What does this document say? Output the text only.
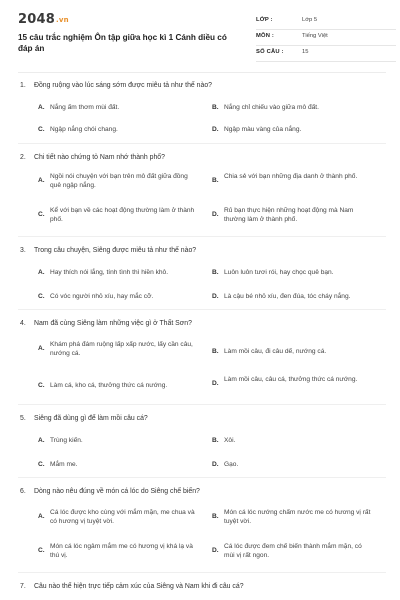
2048.vn
15 câu trắc nghiệm Ôn tập giữa học kì 1 Cánh diều có đáp án
LỚP :	Lớp 5
MÔN :	Tiếng Việt
SỐ CÂU :	15
1. Đồng ruộng vào lúc sáng sớm được miêu tả như thế nào?
A. Nắng ấm thơm mùi đất.	B. Nắng chỉ chiếu vào giữa mô đất.
C. Ngập nắng chói chang.	D. Ngập màu vàng của nắng.
2. Chi tiết nào chứng tỏ Nam nhớ thành phố?
A.
Ngồi nói chuyện với bạn trên mô đất giữa đồng quê ngập nắng.
B.
Chia sẻ với bạn những địa danh ở thành phố.
C.
Kể với bạn về các hoạt động thường làm ở thành phố.
D.
Rủ bạn thực hiện những hoạt động mà Nam thường làm ở thành phố.
3. Trong câu chuyện, Siêng được miêu tả như thế nào?
A. Hay thích nói lắng, tính tình thì hiền khô.	B. Luôn luôn tươi rói, hay chọc quê bạn.
C. Có vóc người nhỏ xíu, hay mắc cỡ.	D. Là cậu bé nhỏ xíu, đen đúa, tóc cháy nắng.
4. Nam đã cùng Siêng làm những việc gì ở Thất Sơn?
A.
Khám phá đám ruộng lấp xấp nước, lấy cần câu, nướng cá.	B. Làm mồi câu, đi câu dế, nướng cá.
C. Làm cá, kho cá, thưởng thức cá nướng.	D.
Làm mồi câu, câu cá, thưởng thức cá nướng.
5. Siêng đã dùng gì để làm mồi câu cá?
A. Trùng kiến.	B. Xôi.
C. Mắm me.	D. Gạo.
6. Dòng nào nêu đúng về món cá lóc do Siêng chế biến?
A.
Cá lóc được kho cùng với mắm mặn, me chua và có hương vị tuyệt vời.
B.
Món cá lóc nướng chấm nước me có hương vị rất tuyệt vời.
C.
Món cá lóc ngâm mắm me có hương vị khá lạ và thú vị.
D.
Cá lóc được đem chế biến thành mắm mặn, có mùi vị rất ngon.
7. Câu nào thể hiện trực tiếp cảm xúc của Siêng và Nam khi đi câu cá?
